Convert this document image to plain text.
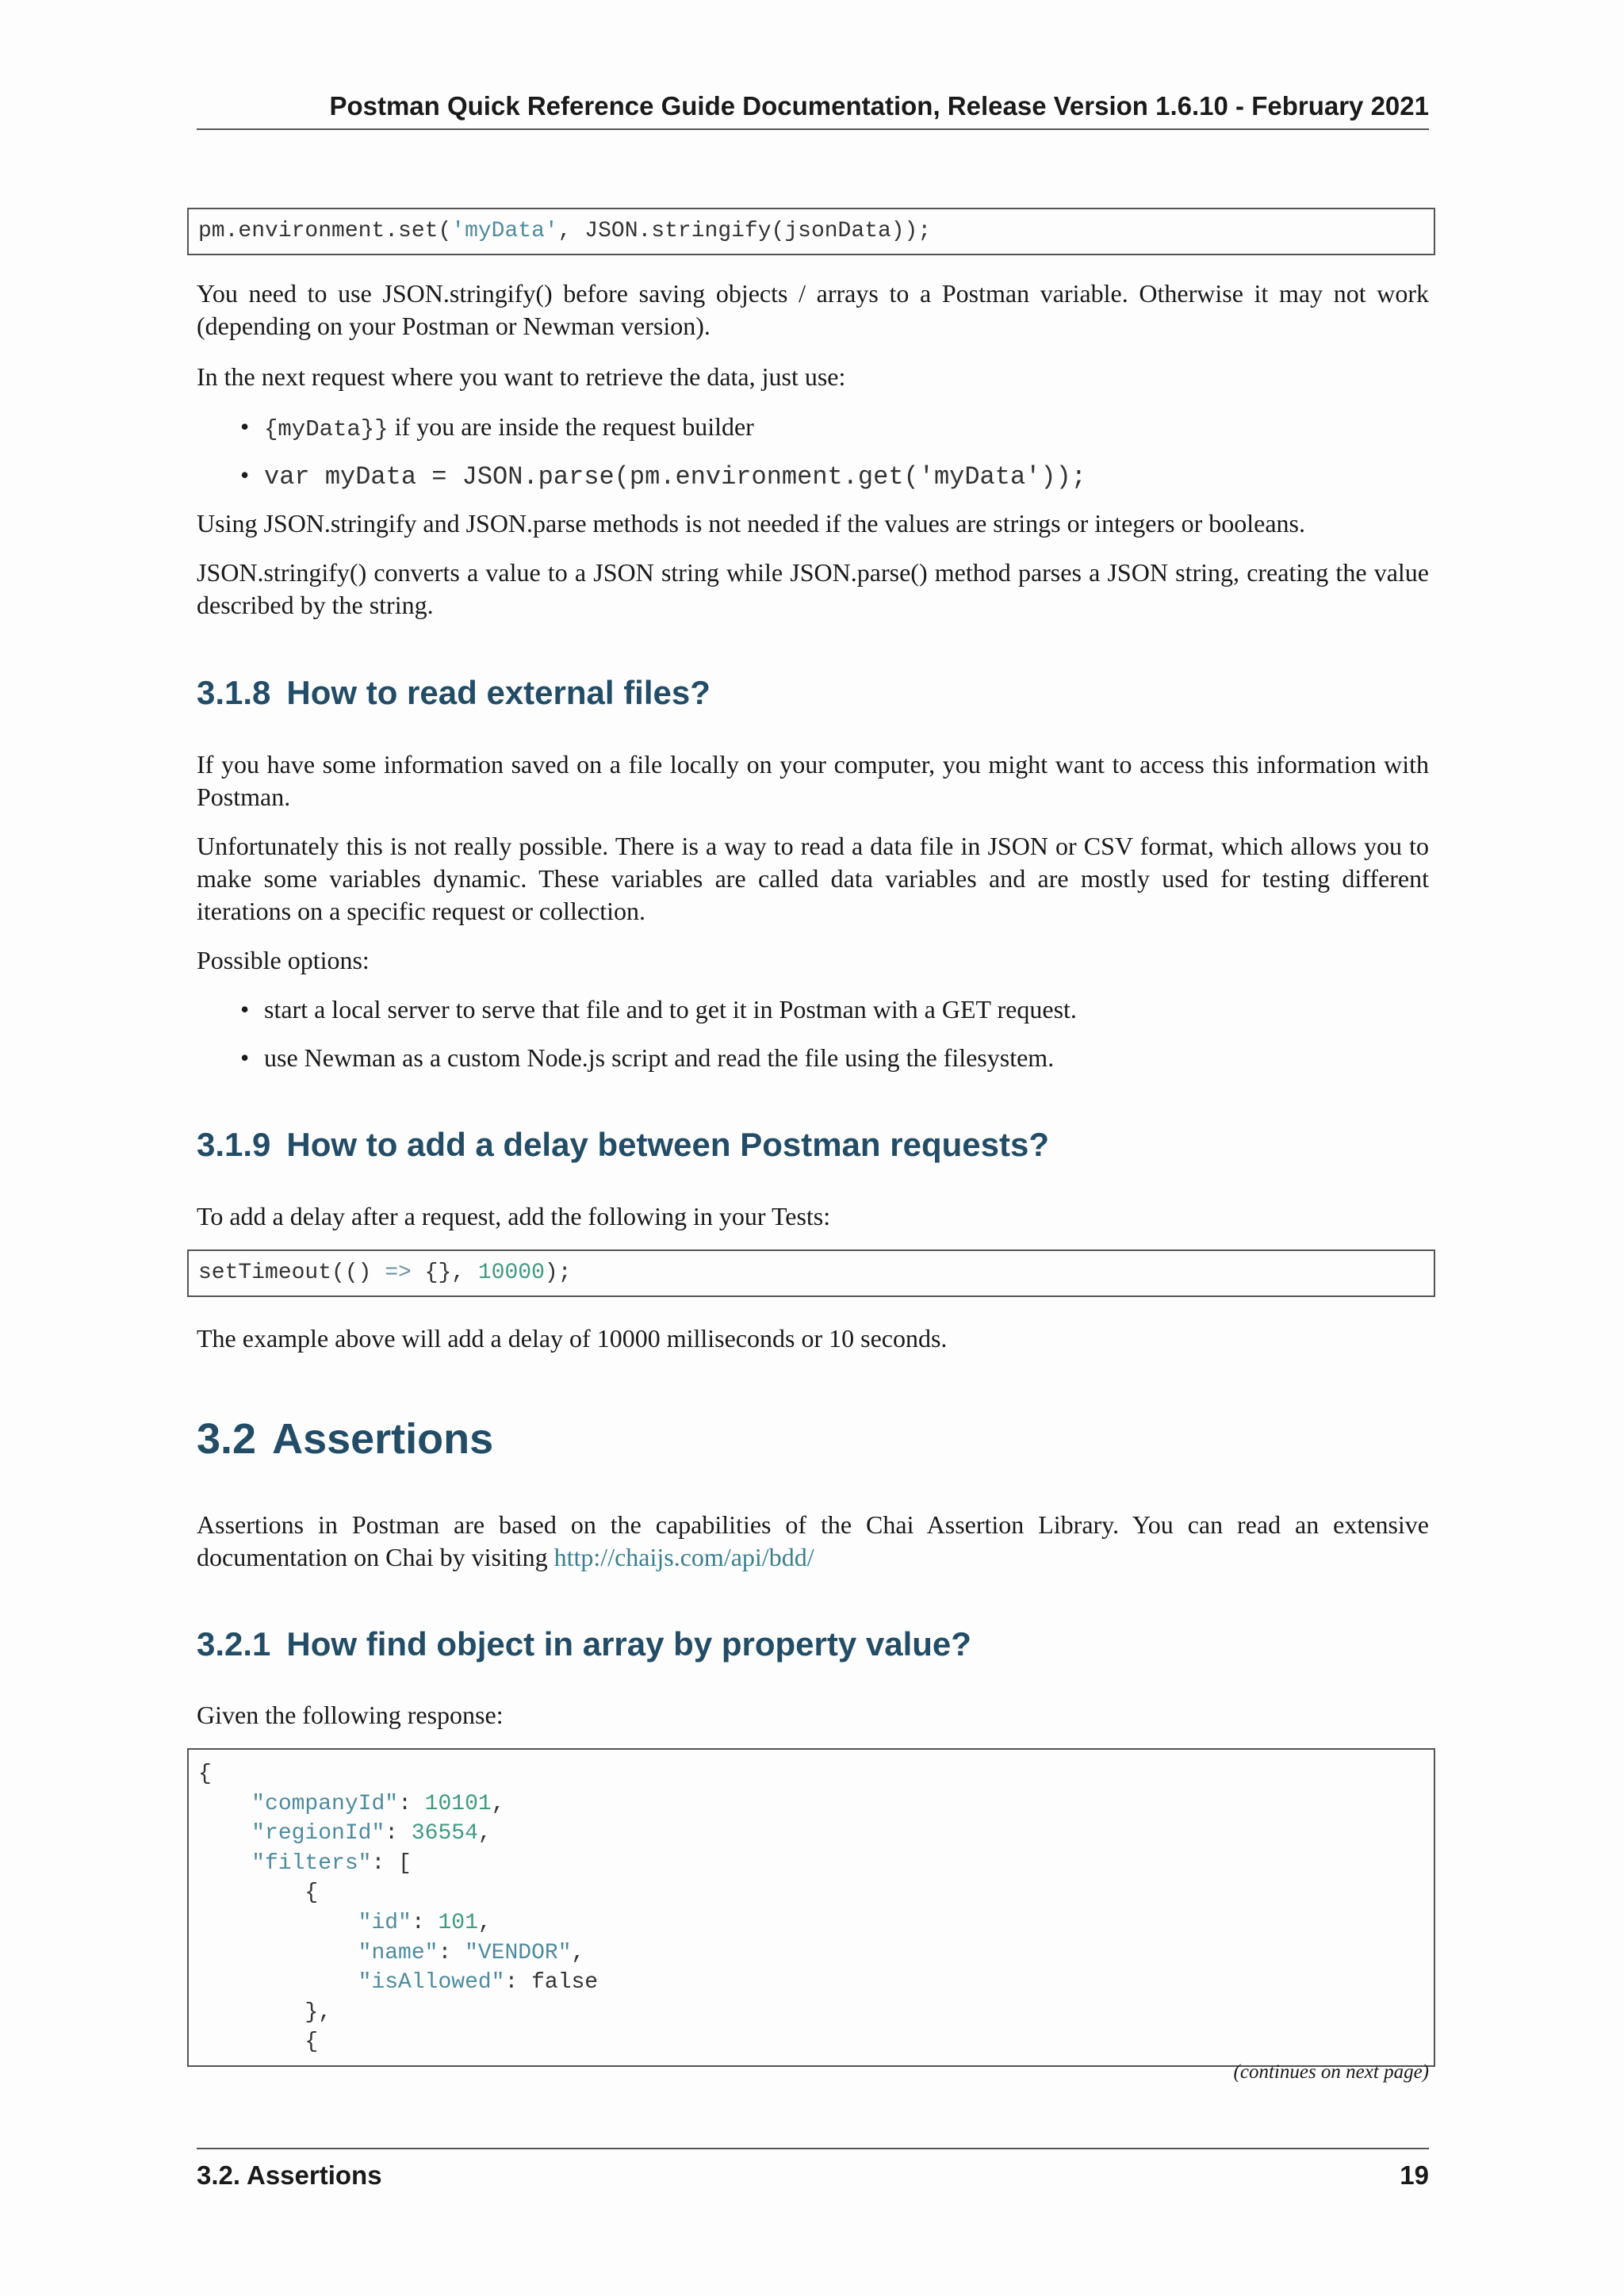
Postman Quick Reference Guide Documentation, Release Version 1.6.10 - February 2021
pm.environment.set('myData', JSON.stringify(jsonData));

You need to use JSON.stringify() before saving objects / arrays to a Postman variable. Otherwise it may not work (depending on your Postman or Newman version).

In the next request where you want to retrieve the data, just use:

• {myData}} if you are inside the request builder
• var myData = JSON.parse(pm.environment.get('myData'));

Using JSON.stringify and JSON.parse methods is not needed if the values are strings or integers or booleans.

JSON.stringify() converts a value to a JSON string while JSON.parse() method parses a JSON string, creating the value described by the string.

3.1.8 How to read external files?

If you have some information saved on a file locally on your computer, you might want to access this information with Postman.

Unfortunately this is not really possible. There is a way to read a data file in JSON or CSV format, which allows you to make some variables dynamic. These variables are called data variables and are mostly used for testing different iterations on a specific request or collection.

Possible options:

• start a local server to serve that file and to get it in Postman with a GET request.
• use Newman as a custom Node.js script and read the file using the filesystem.
3.1.9 How to add a delay between Postman requests?

To add a delay after a request, add the following in your Tests:

setTimeout(() => {}, 10000);

The example above will add a delay of 10000 milliseconds or 10 seconds.

3.2 Assertions

Assertions in Postman are based on the capabilities of the Chai Assertion Library. You can read an extensive documentation on Chai by visiting http://chaijs.com/api/bdd/

3.2.1 How find object in array by property value?

Given the following response:

{
"companyId": 10101,
"regionId": 36554,
"filters": [
{
"id": 101,
"name": "VENDOR",
"isAllowed": false
},
{
(continues on next page)
3.2. Assertions	19
